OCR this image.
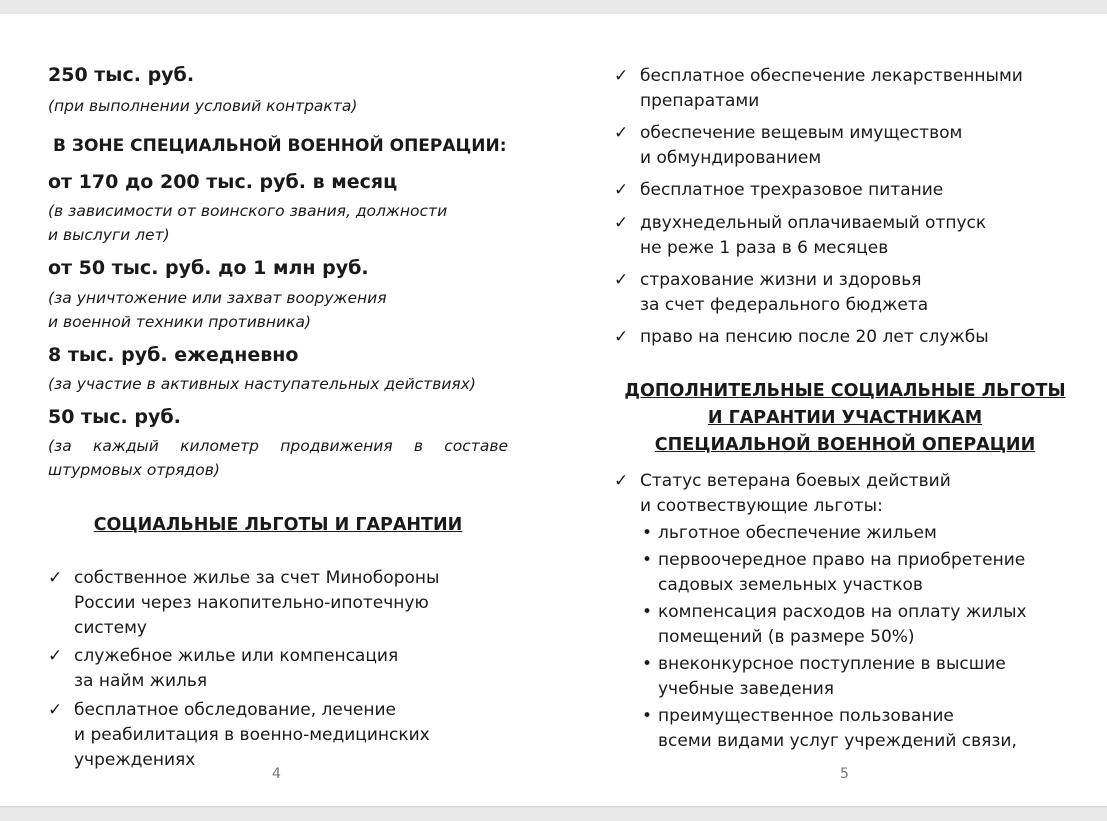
250 тыс. руб.
(при выполнении условий контракта)
В ЗОНЕ СПЕЦИАЛЬНОЙ ВОЕННОЙ ОПЕРАЦИИ:
от 170 до 200 тыс. руб. в месяц
(в зависимости от воинского звания, должности
и выслуги лет)
от 50 тыс. руб. до 1 млн руб.
(за уничтожение или захват вооружения
и военной техники противника)
8 тыс. руб. ежедневно
(за участие в активных наступательных действиях)
50 тыс. руб.
(за каждый километр продвижения в составе
штурмовых отрядов)
СОЦИАЛЬНЫЕ ЛЬГОТЫ И ГАРАНТИИ
✓ собственное жилье за счет Минобороны
России через накопительно-ипотечную
систему
✓ служебное жилье или компенсация
за найм жилья
✓ бесплатное обследование, лечение
и реабилитация в военно-медицинских
учреждениях
4
✓ бесплатное обеспечение лекарственными
препаратами
✓ обеспечение вещевым имуществом
и обмундированием
✓ бесплатное трехразовое питание
✓ двухнедельный оплачиваемый отпуск
не реже 1 раза в 6 месяцев
✓ страхование жизни и здоровья
за счет федерального бюджета
✓ право на пенсию после 20 лет службы
ДОПОЛНИТЕЛЬНЫЕ СОЦИАЛЬНЫЕ ЛЬГОТЫ
И ГАРАНТИИ УЧАСТНИКАМ
СПЕЦИАЛЬНОЙ ВОЕННОЙ ОПЕРАЦИИ
✓ Статус ветерана боевых действий
и соотвествующие льготы:
• льготное обеспечение жильем
• первоочередное право на приобретение
садовых земельных участков
• компенсация расходов на оплату жилых
помещений (в размере 50%)
• внеконкурсное поступление в высшие
учебные заведения
• преимущественное пользование
всеми видами услуг учреждений связи,
5
